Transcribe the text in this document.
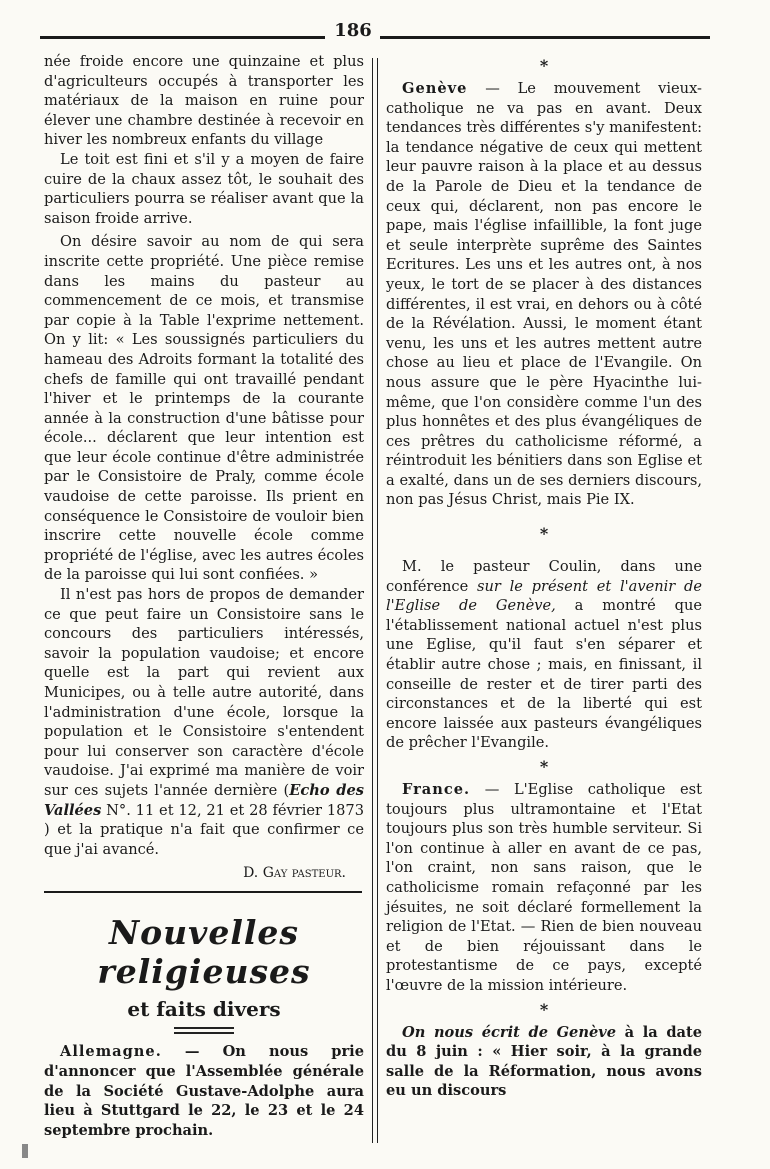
186

née froide encore une quinzaine et plus d'agriculteurs occupés à transporter les matériaux de la maison en ruine pour élever une chambre destinée à recevoir en hiver les nombreux enfants du village

Le toit est fini et s'il y a moyen de faire cuire de la chaux assez tôt, le souhait des particuliers pourra se réaliser avant que la saison froide arrive.

On désire savoir au nom de qui sera inscrite cette propriété. Une pièce remise dans les mains du pasteur au commencement de ce mois, et transmise par copie à la Table l'exprime nettement. On y lit: « Les soussignés particuliers du hameau des Adroits formant la totalité des chefs de famille qui ont travaillé pendant l'hiver et le printemps de la courante année à la construction d'une bâtisse pour école... déclarent que leur intention est que leur école continue d'être administrée par le Consistoire de Praly, comme école vaudoise de cette paroisse. Ils prient en conséquence le Consistoire de vouloir bien inscrire cette nouvelle école comme propriété de l'église, avec les autres écoles de la paroisse qui lui sont confiées. »

Il n'est pas hors de propos de demander ce que peut faire un Consistoire sans le concours des particuliers intéressés, savoir la population vaudoise; et encore quelle est la part qui revient aux Municipes, ou à telle autre autorité, dans l'administration d'une école, lorsque la population et le Consistoire s'entendent pour lui conserver son caractère d'école vaudoise. J'ai exprimé ma manière de voir sur ces sujets l'année dernière (Echo des Vallées N°. 11 et 12, 21 et 28 février 1873 ) et la pratique n'a fait que confirmer ce que j'ai avancé.

D. Gay pasteur.
Nouvelles religieuses
et faits divers

Allemagne. — On nous prie d'annoncer que l'Assemblée générale de la Société Gustave-Adolphe aura lieu à Stuttgard le 22, le 23 et le 24 septembre prochain.

*

Genève — Le mouvement vieux-catholique ne va pas en avant. Deux tendances très différentes s'y manifestent: la tendance négative de ceux qui mettent leur pauvre raison à la place et au dessus de la Parole de Dieu et la tendance de ceux qui, déclarent, non pas encore le pape, mais l'église infaillible, la font juge et seule interprète suprême des Saintes Ecritures. Les uns et les autres ont, à nos yeux, le tort de se placer à des distances différentes, il est vrai, en dehors ou à côté de la Révélation. Aussi, le moment étant venu, les uns et les autres mettent autre chose au lieu et place de l'Evangile. On nous assure que le père Hyacinthe lui-même, que l'on considère comme l'un des plus honnêtes et des plus évangéliques de ces prêtres du catholicisme réformé, a réintroduit les bénitiers dans son Eglise et a exalté, dans un de ses derniers discours, non pas Jésus Christ, mais Pie IX.

*

M. le pasteur Coulin, dans une conférence sur le présent et l'avenir de l'Eglise de Genève, a montré que l'établissement national actuel n'est plus une Eglise, qu'il faut s'en séparer et établir autre chose ; mais, en finissant, il conseille de rester et de tirer parti des circonstances et de la liberté qui est encore laissée aux pasteurs évangéliques de prêcher l'Evangile.

*

France. — L'Eglise catholique est toujours plus ultramontaine et l'Etat toujours plus son très humble serviteur. Si l'on continue à aller en avant de ce pas, l'on craint, non sans raison, que le catholicisme romain refaçonné par les jésuites, ne soit déclaré formellement la religion de l'Etat. — Rien de bien nouveau et de bien réjouissant dans le protestantisme de ce pays, excepté l'œuvre de la mission intérieure.

*

On nous écrit de Genève à la date du 8 juin : « Hier soir, à la grande salle de la Réformation, nous avons eu un discours
